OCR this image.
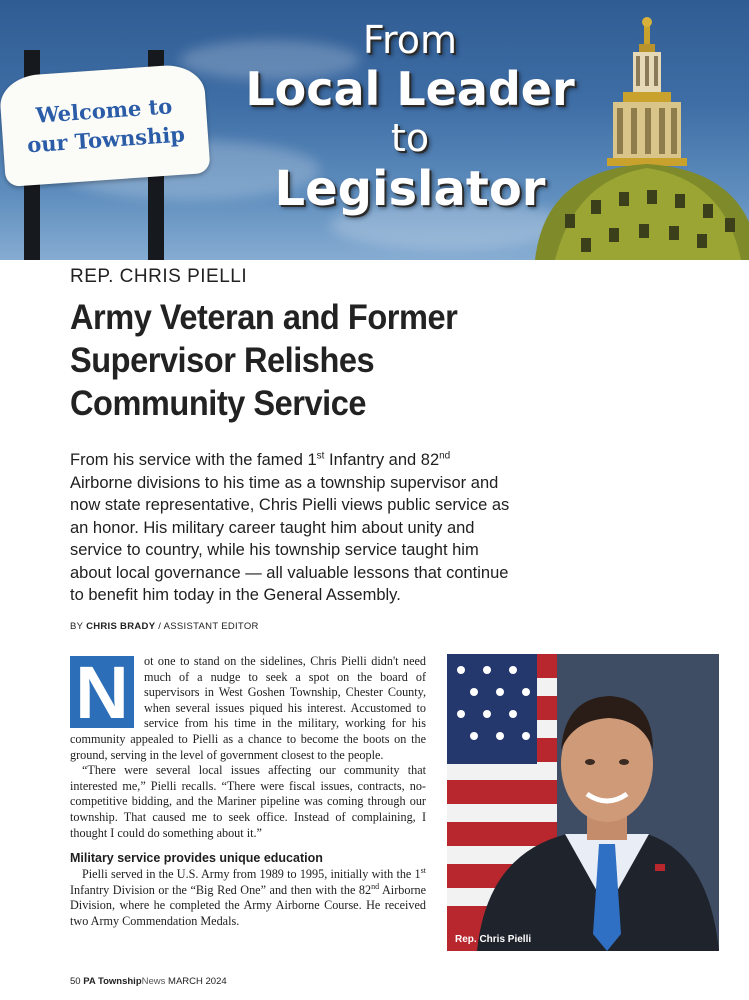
Welcome to
our Township
From
Local Leader
to
Legislator
REP. CHRIS PIELLI
Army Veteran and Former Supervisor Relishes Community Service

From his service with the famed 1st Infantry and 82nd Airborne divisions to his time as a township supervisor and now state representative, Chris Pielli views public service as an honor. His military career taught him about unity and service to country, while his township service taught him about local governance — all valuable lessons that continue to benefit him today in the General Assembly.

BY CHRIS BRADY / ASSISTANT EDITOR

N	ot one to stand on the sidelines, Chris Pielli didn't need much of a nudge to seek a spot on the board of supervisors in West Goshen Township, Chester County, when several issues piqued his interest. Accustomed to service from his time in the military, working for his community appealed to Pielli as a chance to become the boots on the ground, serving in the level of government closest to the people.

“There were several local issues affecting our community that interested me,” Pielli recalls. “There were fiscal issues, contracts, no-competitive bidding, and the Mariner pipeline was coming through our township. That caused me to seek office. Instead of complaining, I thought I could do something about it.”

Military service provides unique education

Pielli served in the U.S. Army from 1989 to 1995, initially with the 1st Infantry Division or the “Big Red One” and then with the 82nd Airborne Division, where he completed the Army Airborne Course. He received two Army Commendation Medals.

Rep. Chris Pielli
50 PA TownshipNews MARCH 2024
